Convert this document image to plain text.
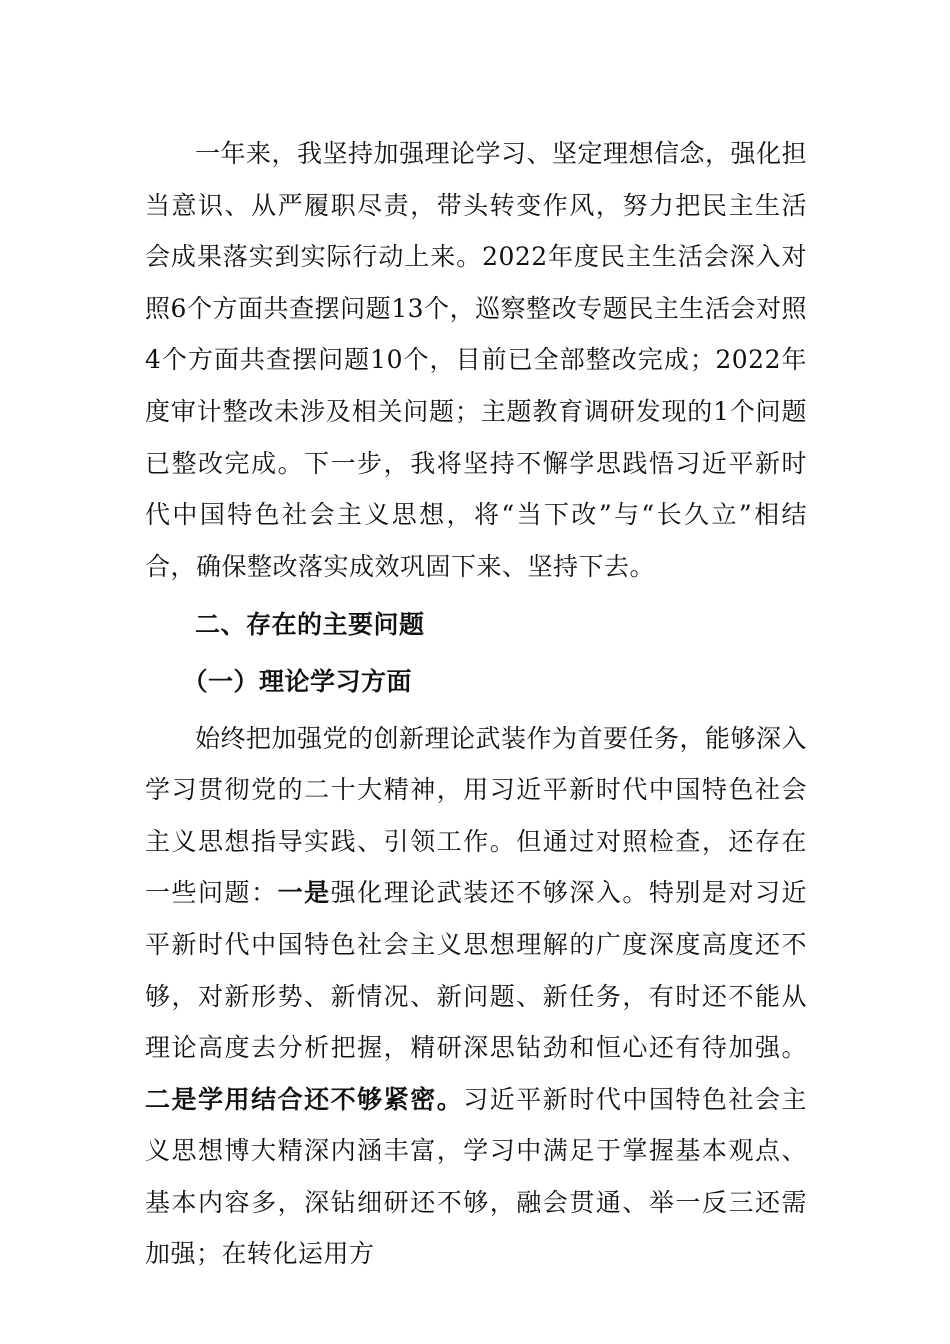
一年来，我坚持加强理论学习、坚定理想信念，强化担当意识、从严履职尽责，带头转变作风，努力把民主生活会成果落实到实际行动上来。2022年度民主生活会深入对照6个方面共查摆问题13个，巡察整改专题民主生活会对照4个方面共查摆问题10个，目前已全部整改完成；2022年度审计整改未涉及相关问题；主题教育调研发现的1个问题已整改完成。下一步，我将坚持不懈学思践悟习近平新时代中国特色社会主义思想，将“当下改”与“长久立”相结合，确保整改落实成效巩固下来、坚持下去。

二、存在的主要问题

（一）理论学习方面

始终把加强党的创新理论武装作为首要任务，能够深入学习贯彻党的二十大精神，用习近平新时代中国特色社会主义思想指导实践、引领工作。但通过对照检查，还存在一些问题：一是强化理论武装还不够深入。特别是对习近平新时代中国特色社会主义思想理解的广度深度高度还不够，对新形势、新情况、新问题、新任务，有时还不能从理论高度去分析把握，精研深思钻劲和恒心还有待加强。二是学用结合还不够紧密。习近平新时代中国特色社会主义思想博大精深内涵丰富，学习中满足于掌握基本观点、基本内容多，深钻细研还不够，融会贯通、举一反三还需加强；在转化运用方
